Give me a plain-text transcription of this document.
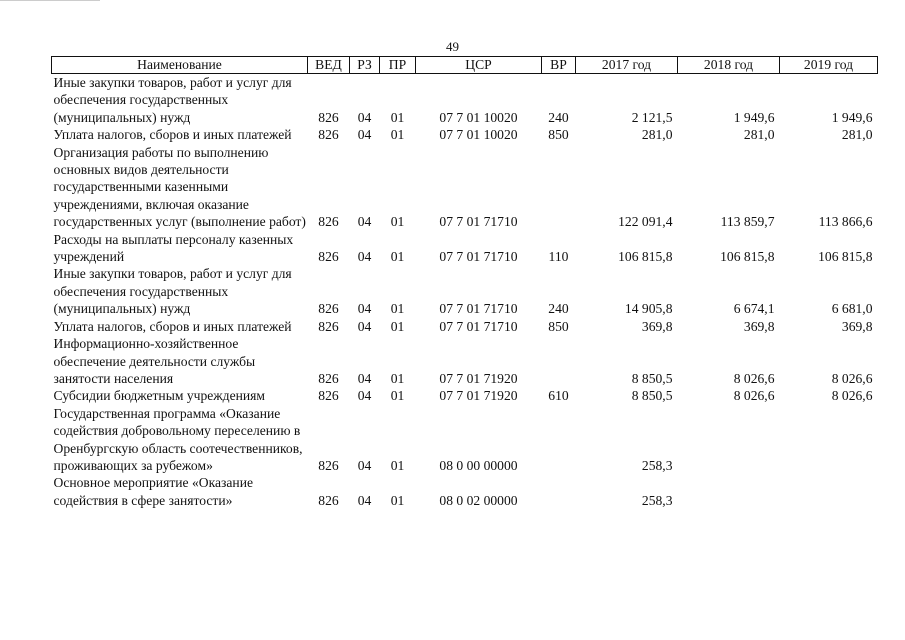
49
Наименование	ВЕД	РЗ	ПР	ЦСР	ВР	2017 год	2018 год	2019 год
Иные закупки товаров, работ и услуг для обеспечения государственных (муниципальных) нужд	826	04	01	07 7 01 10020	240	2 121,5	1 949,6	1 949,6
Уплата налогов, сборов и иных платежей	826	04	01	07 7 01 10020	850	281,0	281,0	281,0
Организация работы по выполнению основных видов деятельности государственными казенными учреждениями, включая оказание государственных услуг (выполнение работ)	826	04	01	07 7 01 71710		122 091,4	113 859,7	113 866,6
Расходы на выплаты персоналу казенных учреждений	826	04	01	07 7 01 71710	110	106 815,8	106 815,8	106 815,8
Иные закупки товаров, работ и услуг для обеспечения государственных (муниципальных) нужд	826	04	01	07 7 01 71710	240	14 905,8	6 674,1	6 681,0
Уплата налогов, сборов и иных платежей	826	04	01	07 7 01 71710	850	369,8	369,8	369,8
Информационно-хозяйственное обеспечение деятельности службы занятости населения	826	04	01	07 7 01 71920		8 850,5	8 026,6	8 026,6
Субсидии бюджетным учреждениям	826	04	01	07 7 01 71920	610	8 850,5	8 026,6	8 026,6
Государственная программа «Оказание содействия добровольному переселению в Оренбургскую область соотечественников, проживающих за рубежом»	826	04	01	08 0 00 00000		258,3		
Основное мероприятие «Оказание содействия в сфере занятости»	826	04	01	08 0 02 00000		258,3		
